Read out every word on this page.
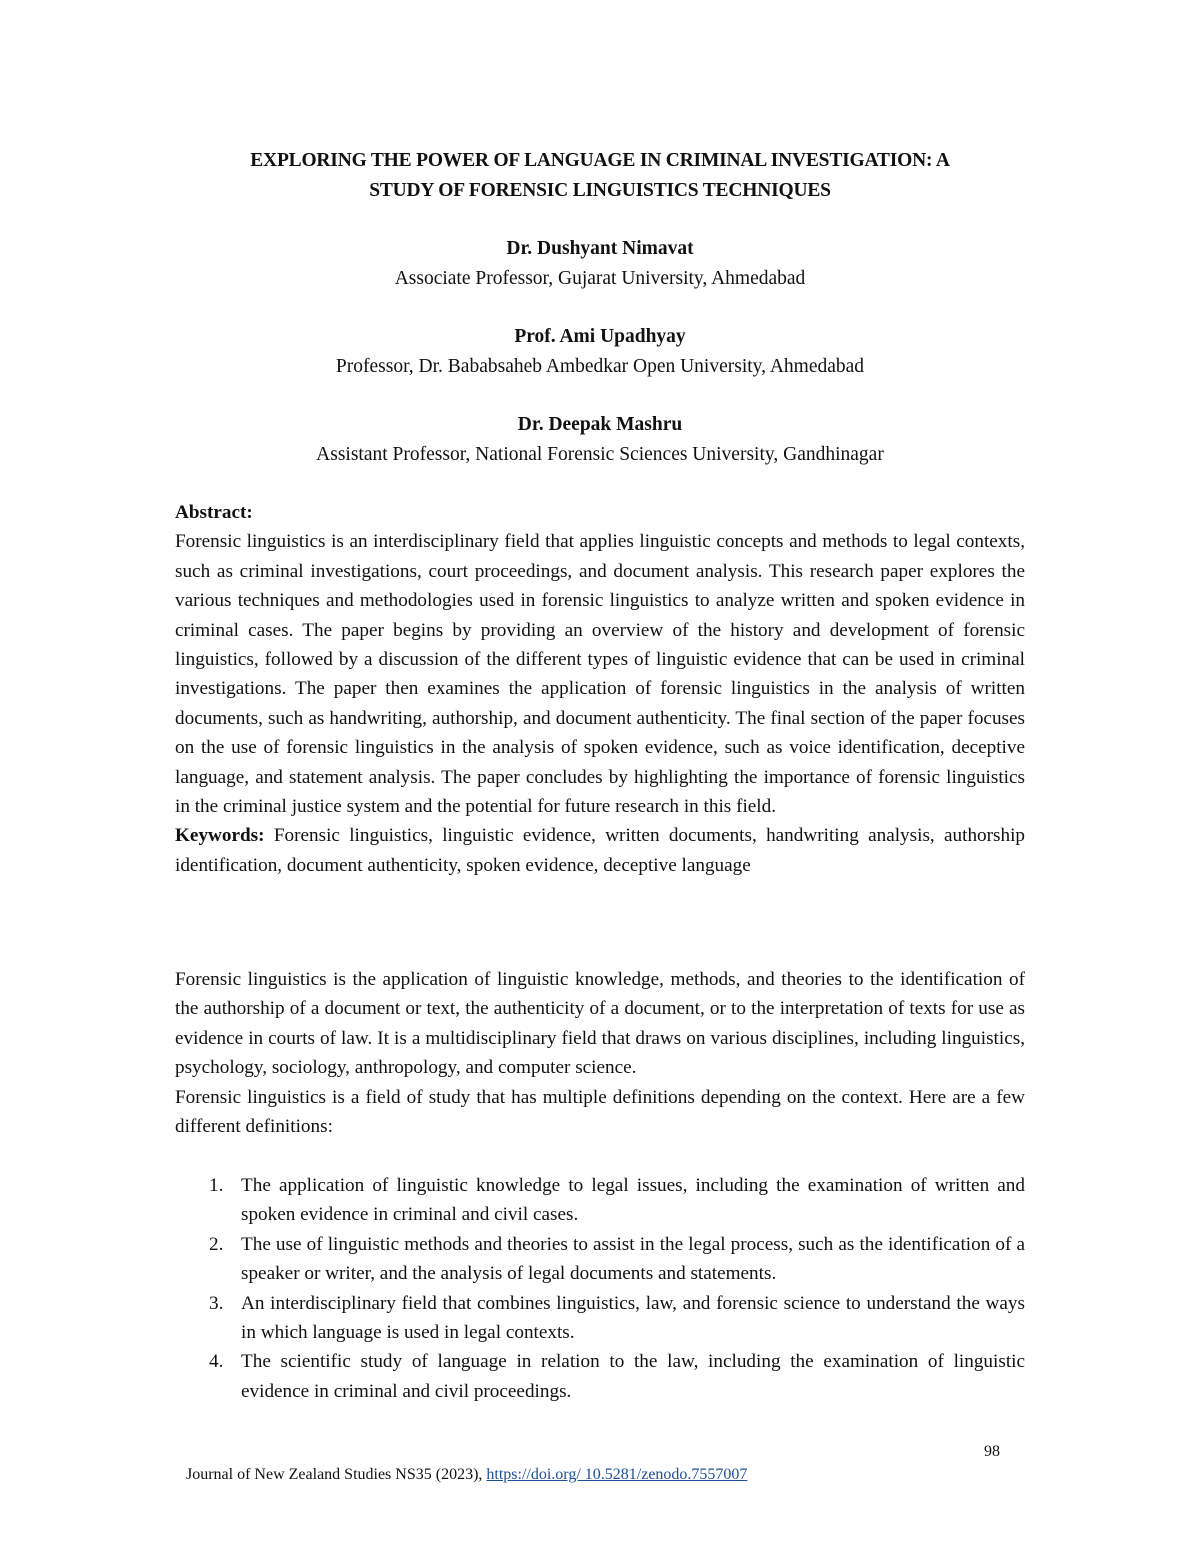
EXPLORING THE POWER OF LANGUAGE IN CRIMINAL INVESTIGATION: A
STUDY OF FORENSIC LINGUISTICS TECHNIQUES
Dr. Dushyant Nimavat
Associate Professor, Gujarat University, Ahmedabad
Prof. Ami Upadhyay
Professor, Dr. Bababsaheb Ambedkar Open University, Ahmedabad
Dr. Deepak Mashru
Assistant Professor, National Forensic Sciences University, Gandhinagar

Abstract:

Forensic linguistics is an interdisciplinary field that applies linguistic concepts and methods to legal contexts, such as criminal investigations, court proceedings, and document analysis. This research paper explores the various techniques and methodologies used in forensic linguistics to analyze written and spoken evidence in criminal cases. The paper begins by providing an overview of the history and development of forensic linguistics, followed by a discussion of the different types of linguistic evidence that can be used in criminal investigations. The paper then examines the application of forensic linguistics in the analysis of written documents, such as handwriting, authorship, and document authenticity. The final section of the paper focuses on the use of forensic linguistics in the analysis of spoken evidence, such as voice identification, deceptive language, and statement analysis. The paper concludes by highlighting the importance of forensic linguistics in the criminal justice system and the potential for future research in this field.

Keywords: Forensic linguistics, linguistic evidence, written documents, handwriting analysis, authorship identification, document authenticity, spoken evidence, deceptive language

Forensic linguistics is the application of linguistic knowledge, methods, and theories to the identification of the authorship of a document or text, the authenticity of a document, or to the interpretation of texts for use as evidence in courts of law. It is a multidisciplinary field that draws on various disciplines, including linguistics, psychology, sociology, anthropology, and computer science.

Forensic linguistics is a field of study that has multiple definitions depending on the context. Here are a few different definitions:

1. The application of linguistic knowledge to legal issues, including the examination of written and spoken evidence in criminal and civil cases.
2. The use of linguistic methods and theories to assist in the legal process, such as the identification of a speaker or writer, and the analysis of legal documents and statements.
3. An interdisciplinary field that combines linguistics, law, and forensic science to understand the ways in which language is used in legal contexts.
4. The scientific study of language in relation to the law, including the examination of linguistic evidence in criminal and civil proceedings.
98
Journal of New Zealand Studies NS35 (2023), https://doi.org/ 10.5281/zenodo.7557007
